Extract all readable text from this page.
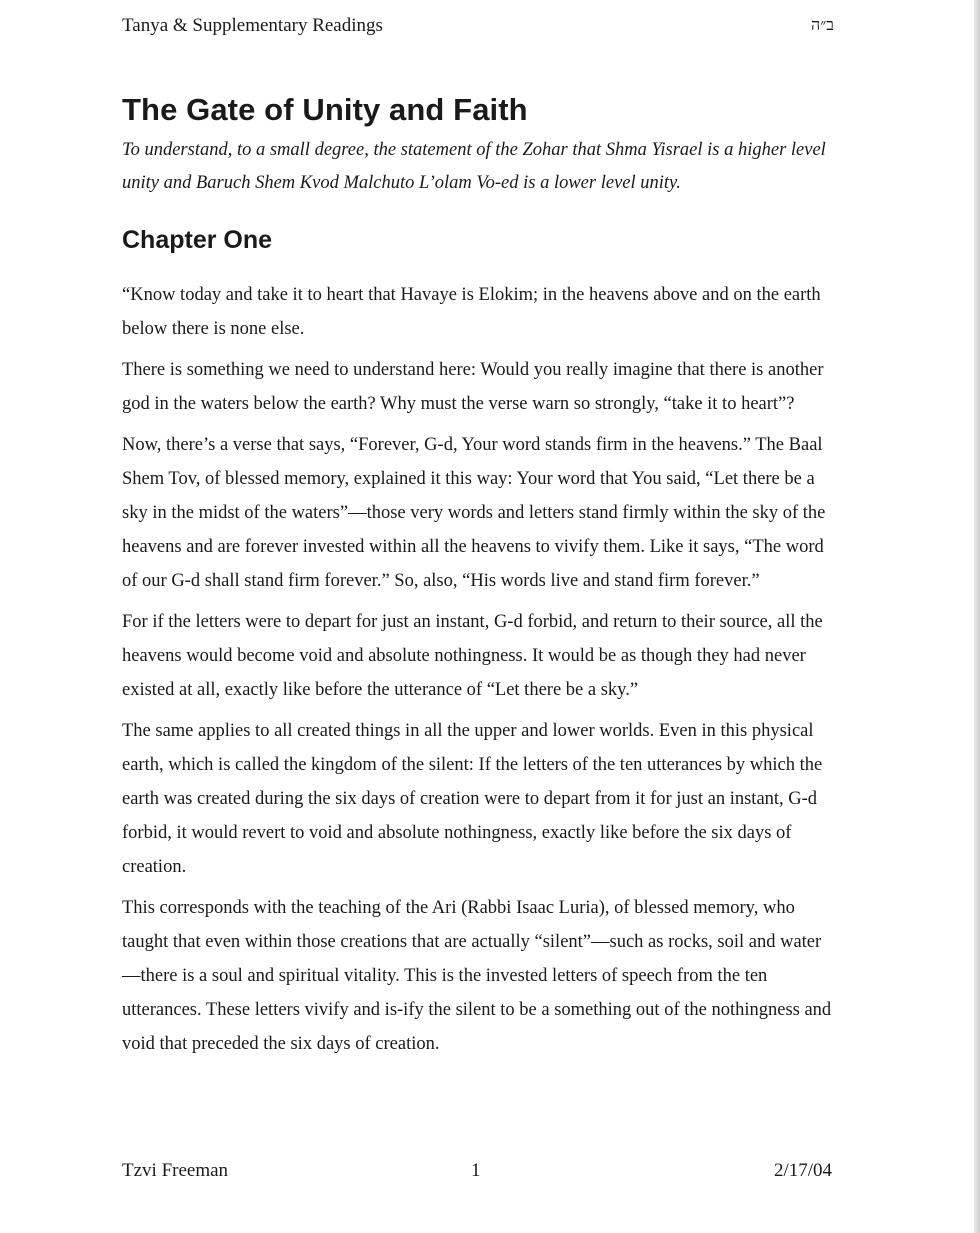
Tanya & Supplementary Readings	ב״ה
The Gate of Unity and Faith

To understand, to a small degree, the statement of the Zohar that Shma Yisrael is a higher level unity and Baruch Shem Kvod Malchuto L’olam Vo-ed is a lower level unity.

Chapter One

“Know today and take it to heart that Havaye is Elokim; in the heavens above and on the earth below there is none else.

There is something we need to understand here: Would you really imagine that there is another god in the waters below the earth? Why must the verse warn so strongly, “take it to heart”?

Now, there’s a verse that says, “Forever, G-d, Your word stands firm in the heavens.” The Baal Shem Tov, of blessed memory, explained it this way: Your word that You said, “Let there be a sky in the midst of the waters”—those very words and letters stand firmly within the sky of the heavens and are forever invested within all the heavens to vivify them. Like it says, “The word of our G-d shall stand firm forever.” So, also, “His words live and stand firm forever.”

For if the letters were to depart for just an instant, G-d forbid, and return to their source, all the heavens would become void and absolute nothingness. It would be as though they had never existed at all, exactly like before the utterance of “Let there be a sky.”

The same applies to all created things in all the upper and lower worlds. Even in this physical earth, which is called the kingdom of the silent: If the letters of the ten utterances by which the earth was created during the six days of creation were to depart from it for just an instant, G-d forbid, it would revert to void and absolute nothingness, exactly like before the six days of creation.

This corresponds with the teaching of the Ari (Rabbi Isaac Luria), of blessed memory, who taught that even within those creations that are actually “silent”—such as rocks, soil and water—there is a soul and spiritual vitality. This is the invested letters of speech from the ten utterances. These letters vivify and is-ify the silent to be a something out of the nothingness and void that preceded the six days of creation.

Tzvi Freeman	1	2/17/04
